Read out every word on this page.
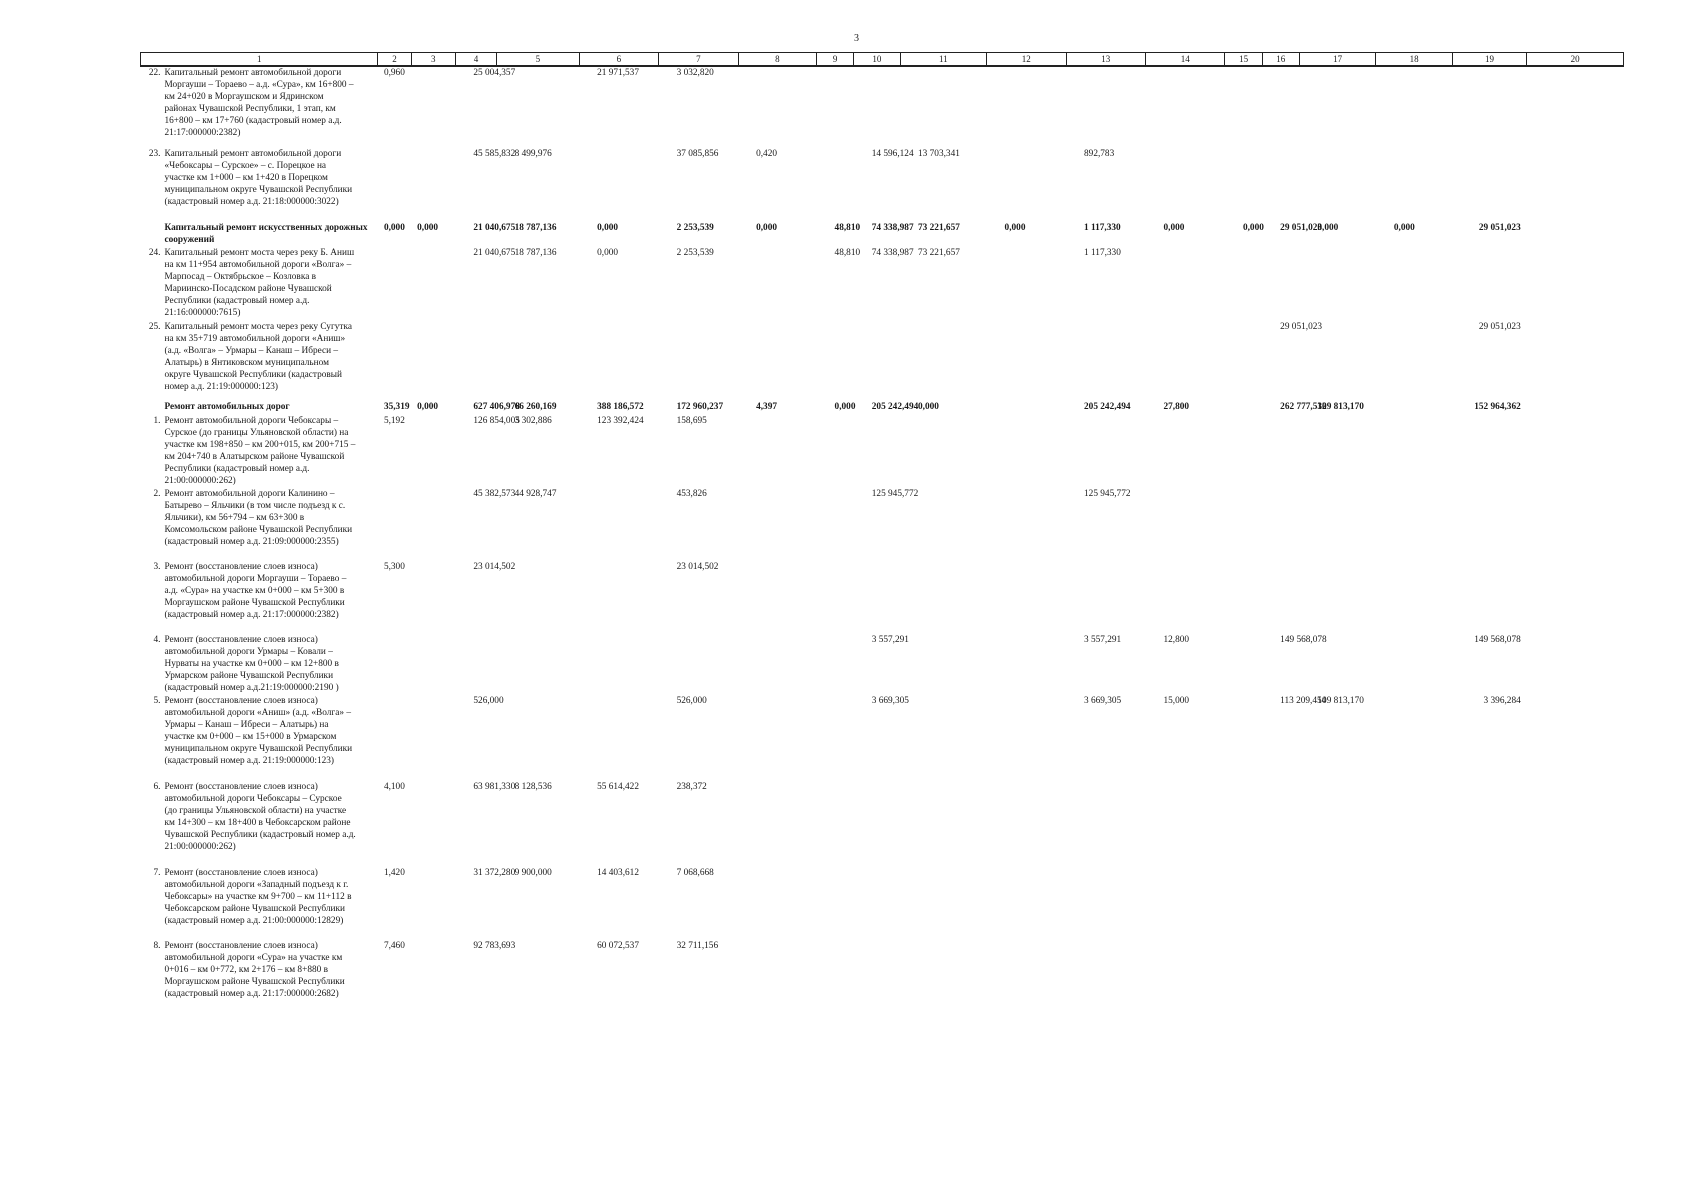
3
1	2	3	4	5	6	7	8	9	10	11	12	13	14	15	16	17	18	19	20
22. Капитальный ремонт автомобильной дороги Моргауши – Тораево – а.д. «Сура», км 16+800 – км 24+020 в Моргаушском и Ядринском районах Чувашской Республики, 1 этап, км 16+800 – км 17+760 (кадастровый номер а.д. 21:17:000000:2382)	0,960		25 004,357		21 971,537	3 032,820													
23. Капитальный ремонт автомобильной дороги «Чебоксары – Сурское» – с. Порецкое на участке км 1+000 – км 1+420 в Порецком муниципальном округе Чувашской Республики (кадастровый номер а.д. 21:18:000000:3022)			45 585,832	8 499,976		37 085,856	0,420		14 596,124	13 703,341		892,783							
Капитальный ремонт искусственных дорожных сооружений	0,000	0,000	21 040,675	18 787,136	0,000	2 253,539	0,000	48,810	74 338,987	73 221,657	0,000	1 117,330	0,000	0,000	29 051,023	0,000	0,000	29 051,023	
24. Капитальный ремонт моста через реку Б. Аниш на км 11+954 автомобильной дороги «Волга» – Марпосад – Октябрьское – Козловка в Мариинско-Посадском районе Чувашской Республики (кадастровый номер а.д. 21:16:000000:7615)			21 040,675	18 787,136	0,000	2 253,539		48,810	74 338,987	73 221,657		1 117,330							
25. Капитальный ремонт моста через реку Сугутка на км 35+719 автомобильной дороги «Аниш» (а.д. «Волга» – Урмары – Канаш – Ибреси – Алатырь) в Янтиковском муниципальном округе Чувашской Республики (кадастровый номер а.д. 21:19:000000:123)															29 051,023			29 051,023	
Ремонт автомобильных дорог	35,319	0,000	627 406,978	66 260,169	388 186,572	172 960,237	4,397	0,000	205 242,494	0,000		205 242,494	27,800		262 777,532	109 813,170		152 964,362	
1. Ремонт автомобильной дороги Чебоксары – Сурское (до границы Ульяновской области) на участке км 198+850 – км 200+015, км 200+715 – км 204+740 в Алатырском районе Чувашской Республики (кадастровый номер а.д. 21:00:000000:262)	5,192		126 854,005	3 302,886	123 392,424	158,695													
2. Ремонт автомобильной дороги Калинино – Батырево – Яльчики (в том числе подъезд к с. Яльчики), км 56+794 – км 63+300 в Комсомольском районе Чувашской Республики (кадастровый номер а.д. 21:09:000000:2355)			45 382,573	44 928,747		453,826			125 945,772			125 945,772							
3. Ремонт (восстановление слоев износа) автомобильной дороги Моргауши – Тораево – а.д. «Сура» на участке км 0+000 – км 5+300 в Моргаушском районе Чувашской Республики (кадастровый номер а.д. 21:17:000000:2382)	5,300		23 014,502			23 014,502													
4. Ремонт (восстановление слоев износа) автомобильной дороги Урмары – Ковали – Нурваты на участке км 0+000 – км 12+800 в Урмарском районе Чувашской Республики (кадастровый номер а.д.21:19:000000:2190 )									3 557,291			3 557,291	12,800		149 568,078			149 568,078	
5. Ремонт (восстановление слоев износа) автомобильной дороги «Аниш» (а.д. «Волга» – Урмары – Канаш – Ибреси – Алатырь) на участке км 0+000 – км 15+000 в Урмарском муниципальном округе Чувашской Республики (кадастровый номер а.д. 21:19:000000:123)			526,000			526,000			3 669,305			3 669,305	15,000		113 209,454	109 813,170		3 396,284	
6. Ремонт (восстановление слоев износа) автомобильной дороги Чебоксары – Сурское (до границы Ульяновской области) на участке км 14+300 – км 18+400 в Чебоксарском районе Чувашской Республики (кадастровый номер а.д. 21:00:000000:262)	4,100		63 981,330	8 128,536	55 614,422	238,372													
7. Ремонт (восстановление слоев износа) автомобильной дороги «Западный подъезд к г. Чебоксары» на участке км 9+700 – км 11+112 в Чебоксарском районе Чувашской Республики (кадастровый номер а.д. 21:00:000000:12829)	1,420		31 372,280	9 900,000	14 403,612	7 068,668													
8. Ремонт (восстановление слоев износа) автомобильной дороги «Сура» на участке км 0+016 – км 0+772, км 2+176 – км 8+880 в Моргаушском районе Чувашской Республики (кадастровый номер а.д. 21:17:000000:2682)	7,460		92 783,693		60 072,537	32 711,156													
